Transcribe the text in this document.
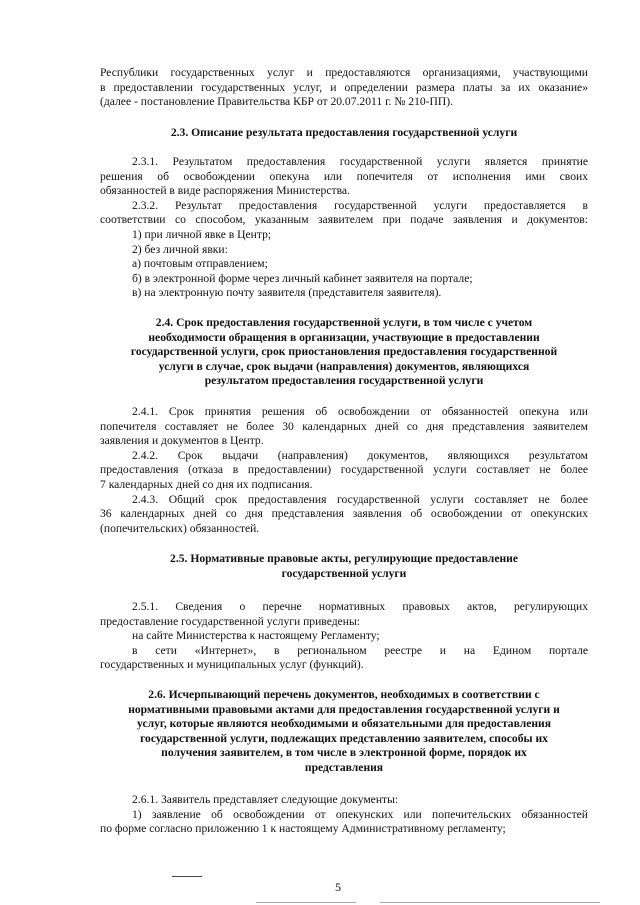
Республики государственных услуг и предоставляются организациями, участвующими

в предоставлении государственных услуг, и определении размера платы за их оказание»

(далее - постановление Правительства КБР от 20.07.2011 г. № 210-ПП).

2.3. Описание результата предоставления государственной услуги

2.3.1. Результатом предоставления государственной услуги является принятие

решения об освобождении опекуна или попечителя от исполнения ими своих

обязанностей в виде распоряжения Министерства.

2.3.2. Результат предоставления государственной услуги предоставляется в

соответствии со способом, указанным заявителем при подаче заявления и документов:

1) при личной явке в Центр;

2) без личной явки:

а) почтовым отправлением;

б) в электронной форме через личный кабинет заявителя на портале;

в) на электронную почту заявителя (представителя заявителя).

2.4. Срок предоставления государственной услуги, в том числе с учетом

необходимости обращения в организации, участвующие в предоставлении

государственной услуги, срок приостановления предоставления государственной

услуги в случае, срок выдачи (направления) документов, являющихся

результатом предоставления государственной услуги

2.4.1. Срок принятия решения об освобождении от обязанностей опекуна или

попечителя составляет не более 30 календарных дней со дня представления заявителем

заявления и документов в Центр.

2.4.2. Срок выдачи (направления) документов, являющихся результатом

предоставления (отказа в предоставлении) государственной услуги составляет не более

7 календарных дней со дня их подписания.

2.4.3. Общий срок предоставления государственной услуги составляет не более

36 календарных дней со дня представления заявления об освобождении от опекунских

(попечительских) обязанностей.

2.5. Нормативные правовые акты, регулирующие предоставление

государственной услуги

2.5.1. Сведения о перечне нормативных правовых актов, регулирующих

предоставление государственной услуги приведены:

на сайте Министерства к настоящему Регламенту;

в сети «Интернет», в региональном реестре и на Едином портале

государственных и муниципальных услуг (функций).

2.6. Исчерпывающий перечень документов, необходимых в соответствии с

нормативными правовыми актами для предоставления государственной услуги и

услуг, которые являются необходимыми и обязательными для предоставления

государственной услуги, подлежащих представлению заявителем, способы их

получения заявителем, в том числе в электронной форме, порядок их

представления

2.6.1. Заявитель представляет следующие документы:

1) заявление об освобождении от опекунских или попечительских обязанностей

по форме согласно приложению 1 к настоящему Административному регламенту;

5
